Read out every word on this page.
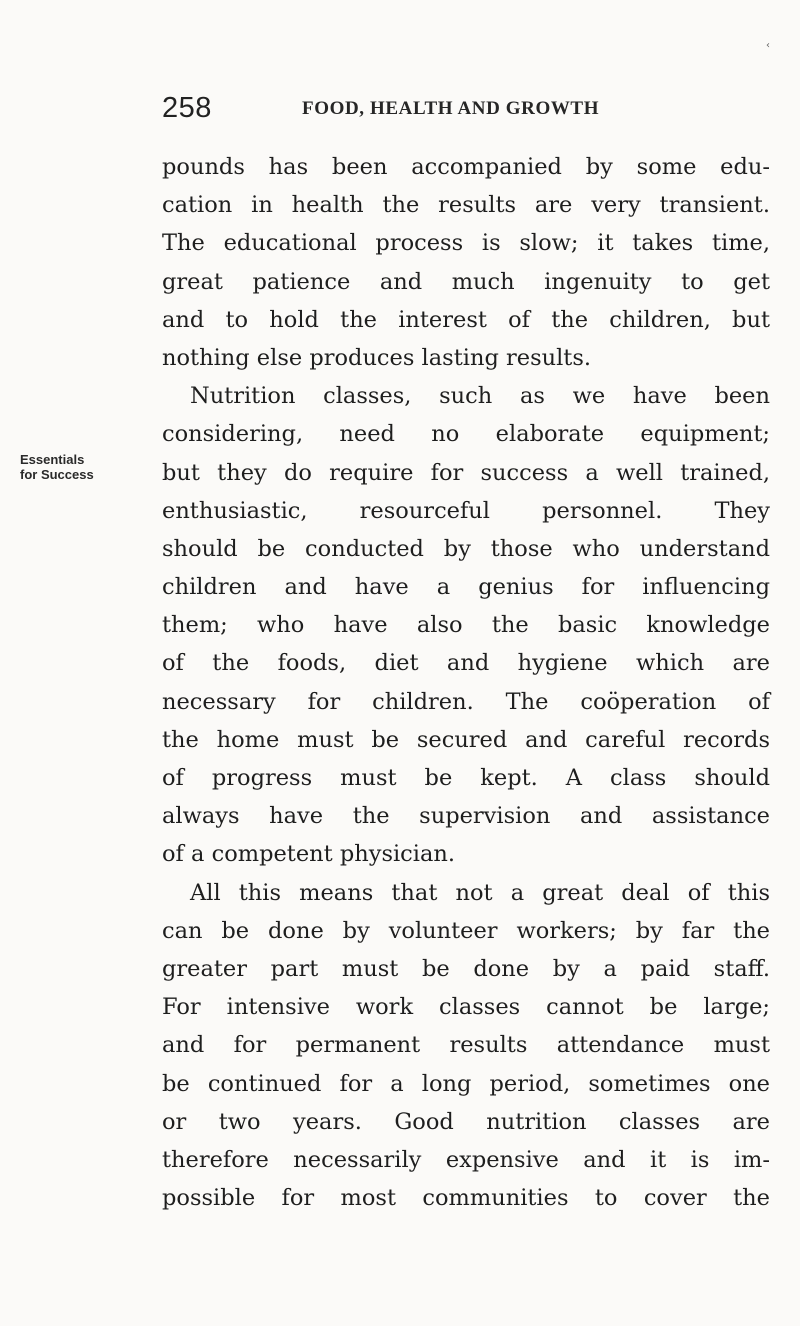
‹
258	FOOD, HEALTH AND GROWTH
Essentials
for Success
pounds has been accompanied by some edu-
cation in health the results are very transient.
The educational process is slow; it takes time,
great patience and much ingenuity to get
and to hold the interest of the children, but
nothing else produces lasting results.
Nutrition classes, such as we have been
considering, need no elaborate equipment;
but they do require for success a well trained,
enthusiastic, resourceful personnel. They
should be conducted by those who understand
children and have a genius for influencing
them; who have also the basic knowledge
of the foods, diet and hygiene which are
necessary for children. The coöperation of
the home must be secured and careful records
of progress must be kept. A class should
always have the supervision and assistance
of a competent physician.
All this means that not a great deal of this
can be done by volunteer workers; by far the
greater part must be done by a paid staff.
For intensive work classes cannot be large;
and for permanent results attendance must
be continued for a long period, sometimes one
or two years. Good nutrition classes are
therefore necessarily expensive and it is im-
possible for most communities to cover the
